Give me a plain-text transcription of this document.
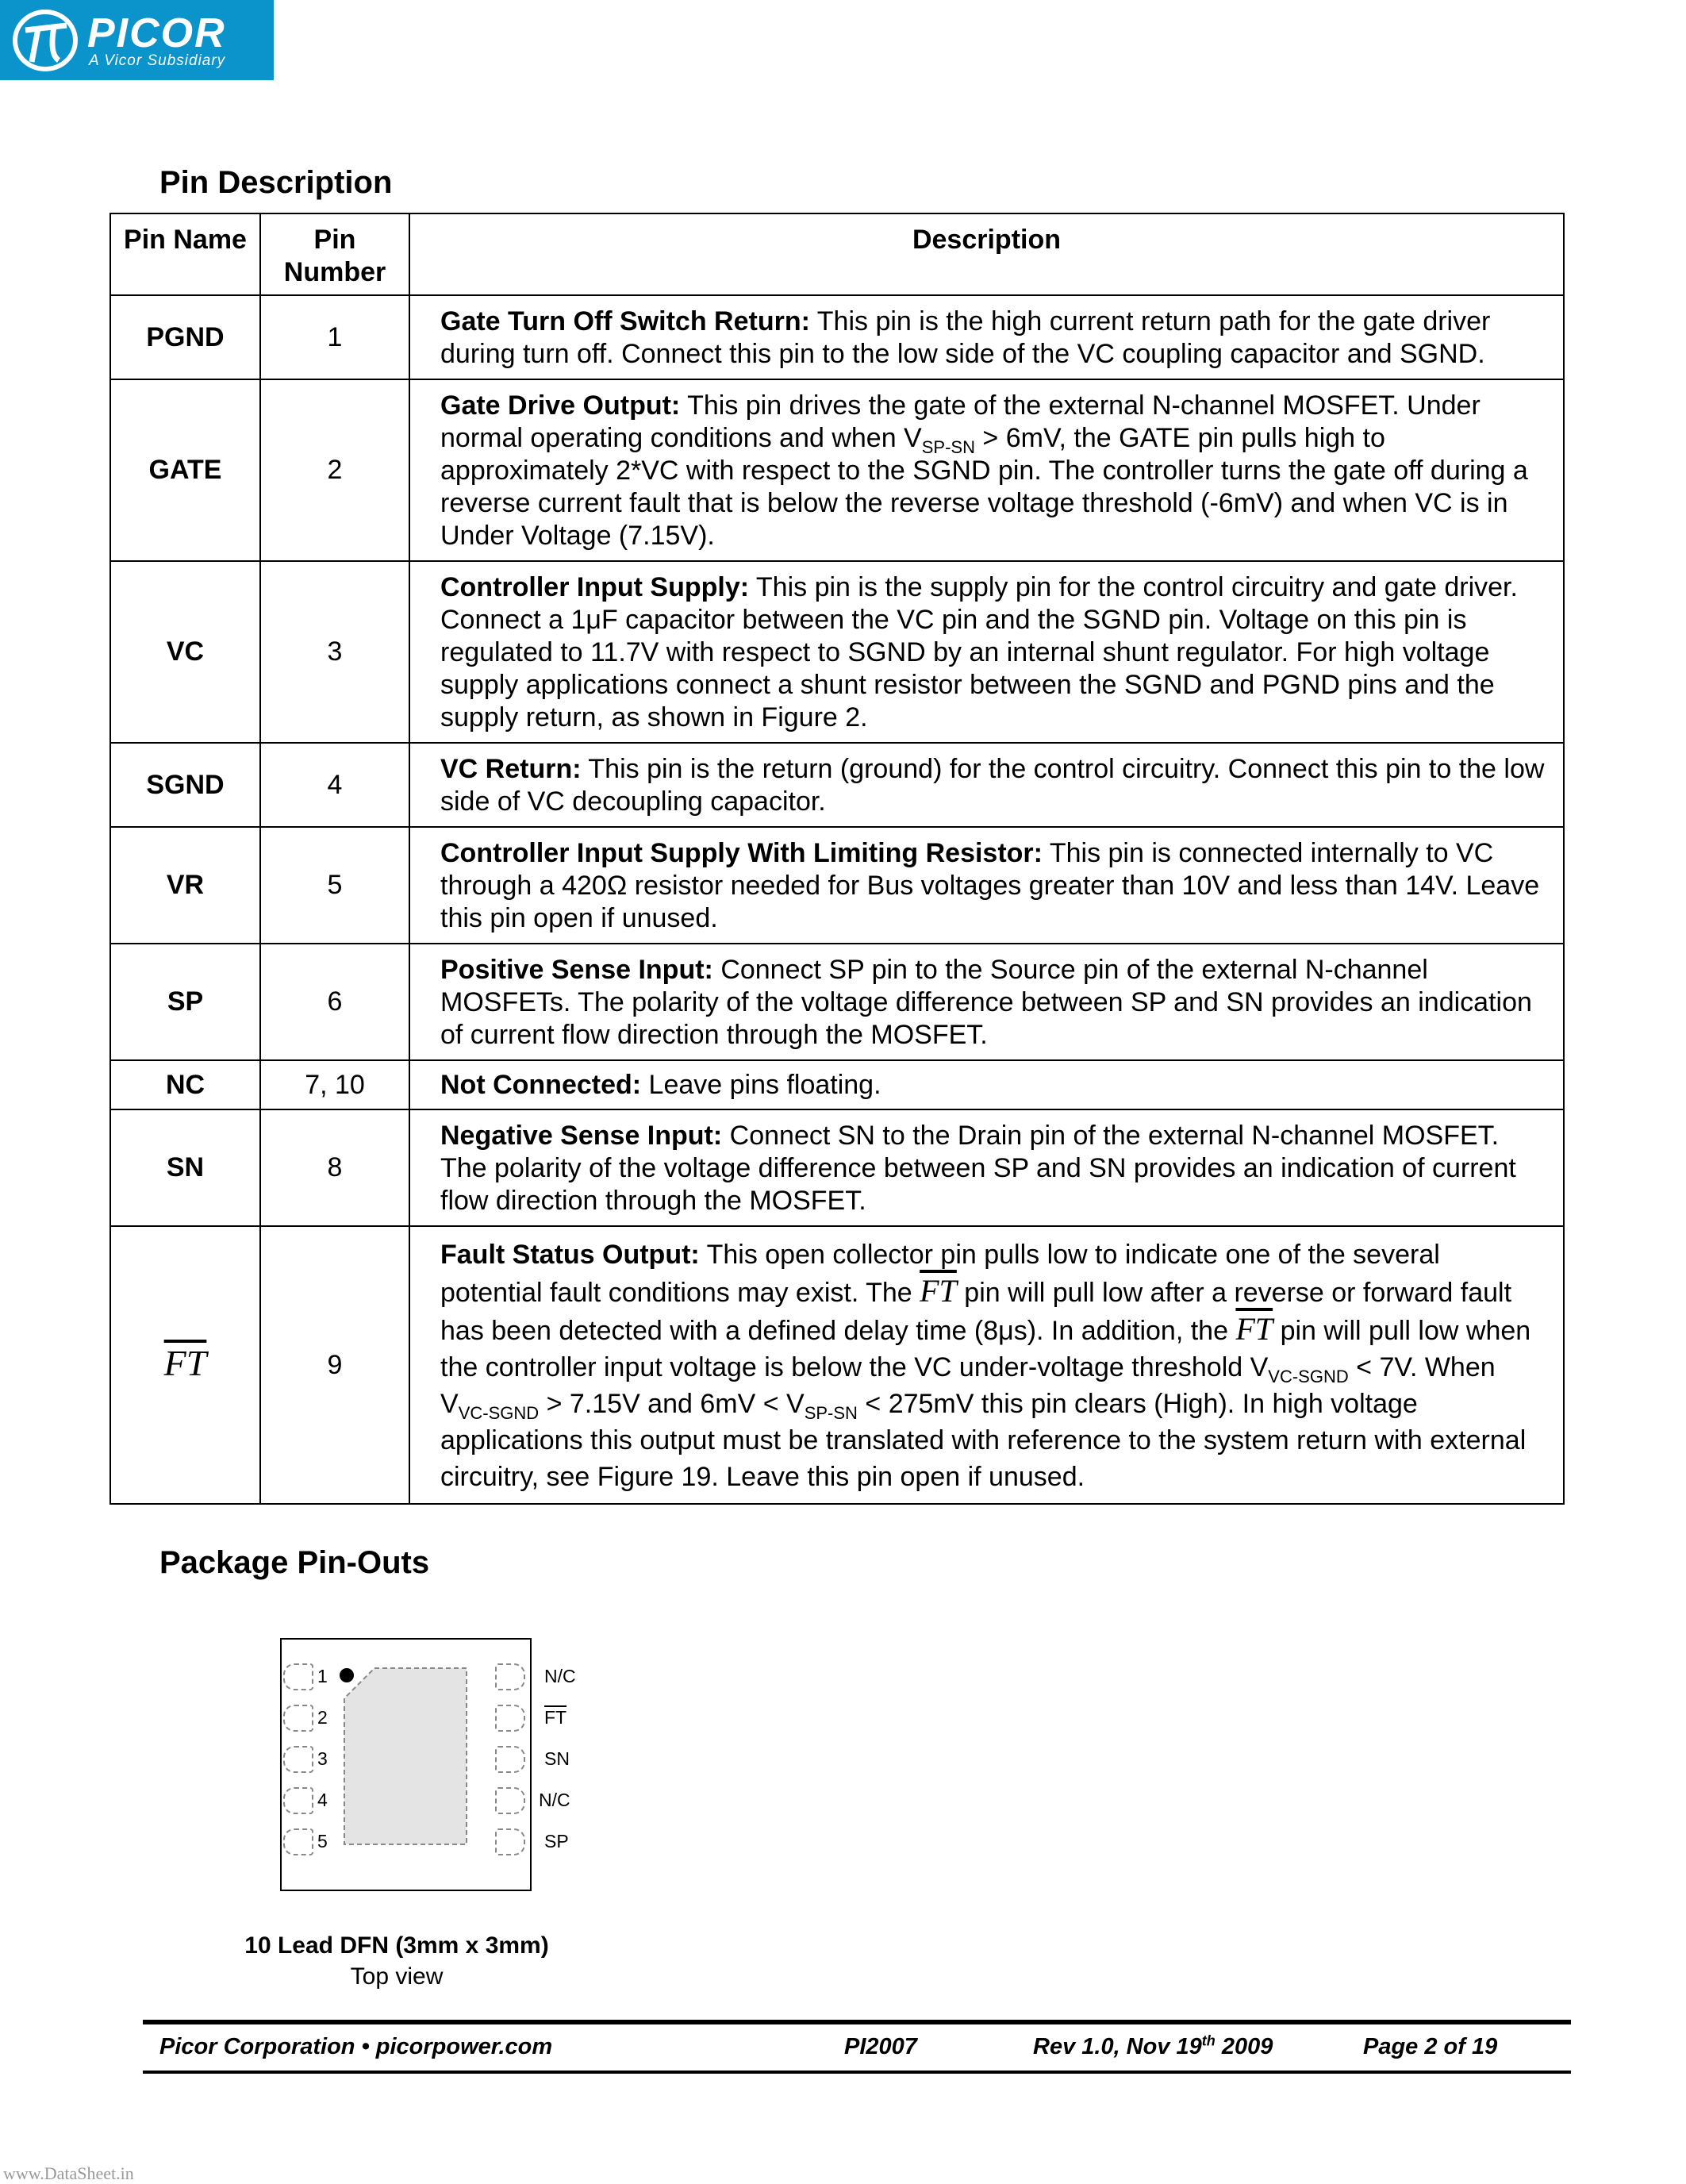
PICOR
A Vicor Subsidiary
Pin Description
Pin Name	Pin Number	Description
PGND	1	Gate Turn Off Switch Return: This pin is the high current return path for the gate driver during turn off. Connect this pin to the low side of the VC coupling capacitor and SGND.
GATE	2	Gate Drive Output: This pin drives the gate of the external N-channel MOSFET. Under normal operating conditions and when $V_{SP-SN} > 6mV$, the GATE pin pulls high to approximately 2*VC with respect to the SGND pin. The controller turns the gate off during a reverse current fault that is below the reverse voltage threshold (-6mV) and when VC is in Under Voltage (7.15V).
VC	3	Controller Input Supply: This pin is the supply pin for the control circuitry and gate driver. Connect a 1μF capacitor between the VC pin and the SGND pin. Voltage on this pin is regulated to 11.7V with respect to SGND by an internal shunt regulator. For high voltage supply applications connect a shunt resistor between the SGND and PGND pins and the supply return, as shown in Figure 2.
SGND	4	VC Return: This pin is the return (ground) for the control circuitry. Connect this pin to the low side of VC decoupling capacitor.
VR	5	Controller Input Supply With Limiting Resistor: This pin is connected internally to VC through a 420Ω resistor needed for Bus voltages greater than 10V and less than 14V. Leave this pin open if unused.
SP	6	Positive Sense Input: Connect SP pin to the Source pin of the external N-channel MOSFETs. The polarity of the voltage difference between SP and SN provides an indication of current flow direction through the MOSFET.
NC	7, 10	Not Connected: Leave pins floating.
SN	8	Negative Sense Input: Connect SN to the Drain pin of the external N-channel MOSFET. The polarity of the voltage difference between SP and SN provides an indication of current flow direction through the MOSFET.
$\overline{FT}$	9	Fault Status Output: This open collector pin pulls low to indicate one of the several potential fault conditions may exist. The $\overline{FT}$ pin will pull low after a reverse or forward fault has been detected with a defined delay time (8μs). In addition, the $\overline{FT}$ pin will pull low when the controller input voltage is below the VC under-voltage threshold $V_{VC-SGND} < 7V$. When $V_{VC-SGND} > 7.15V$ and $6mV < V_{SP-SN} < 275mV$ this pin clears (High). In high voltage applications this output must be translated with reference to the system return with external circuitry, see Figure 19. Leave this pin open if unused.
Package Pin-Outs
1
2
3
4
5
N/C
$\overline{FT}$
SN
N/C
SP
10 Lead DFN (3mm x 3mm)
Top view
Picor Corporation • picorpower.com	PI2007	Rev 1.0, Nov 19th 2009	Page 2 of 19
www.DataSheet.in
